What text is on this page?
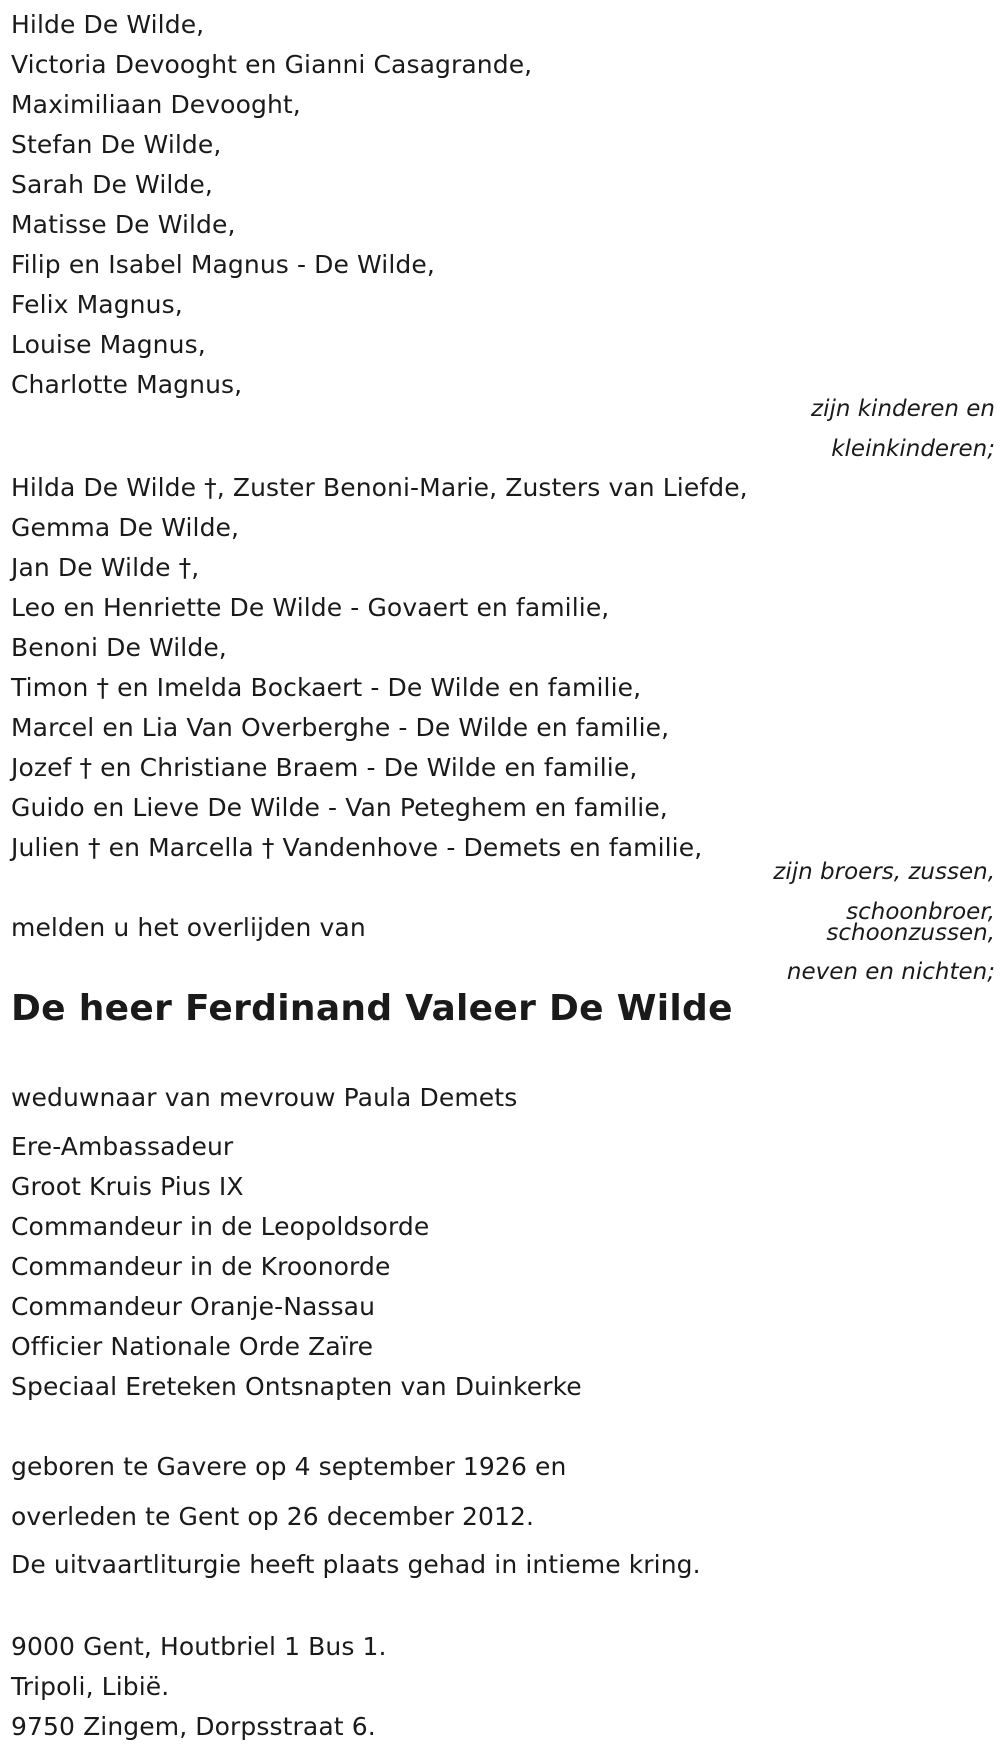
Hilde De Wilde,
Victoria Devooght en Gianni Casagrande,
Maximiliaan Devooght,
Stefan De Wilde,
Sarah De Wilde,
Matisse De Wilde,
Filip en Isabel Magnus - De Wilde,
Felix Magnus,
Louise Magnus,
Charlotte Magnus,
zijn kinderen en
kleinkinderen;
Hilda De Wilde †, Zuster Benoni-Marie, Zusters van Liefde,
Gemma De Wilde,
Jan De Wilde †,
Leo en Henriette De Wilde - Govaert en familie,
Benoni De Wilde,
Timon † en Imelda Bockaert - De Wilde en familie,
Marcel en Lia Van Overberghe - De Wilde en familie,
Jozef † en Christiane Braem - De Wilde en familie,
Guido en Lieve De Wilde - Van Peteghem en familie,
Julien † en Marcella † Vandenhove - Demets en familie,
zijn broers, zussen,
schoonbroer,
schoonzussen,
neven en nichten;
melden u het overlijden van
De heer Ferdinand Valeer De Wilde
weduwnaar van mevrouw Paula Demets
Ere-Ambassadeur
Groot Kruis Pius IX
Commandeur in de Leopoldsorde
Commandeur in de Kroonorde
Commandeur Oranje-Nassau
Officier Nationale Orde Zaïre
Speciaal Ereteken Ontsnapten van Duinkerke
geboren te Gavere op 4 september 1926 en
overleden te Gent op 26 december 2012.
De uitvaartliturgie heeft plaats gehad in intieme kring.
9000 Gent, Houtbriel 1 Bus 1.
Tripoli, Libië.
9750 Zingem, Dorpsstraat 6.
